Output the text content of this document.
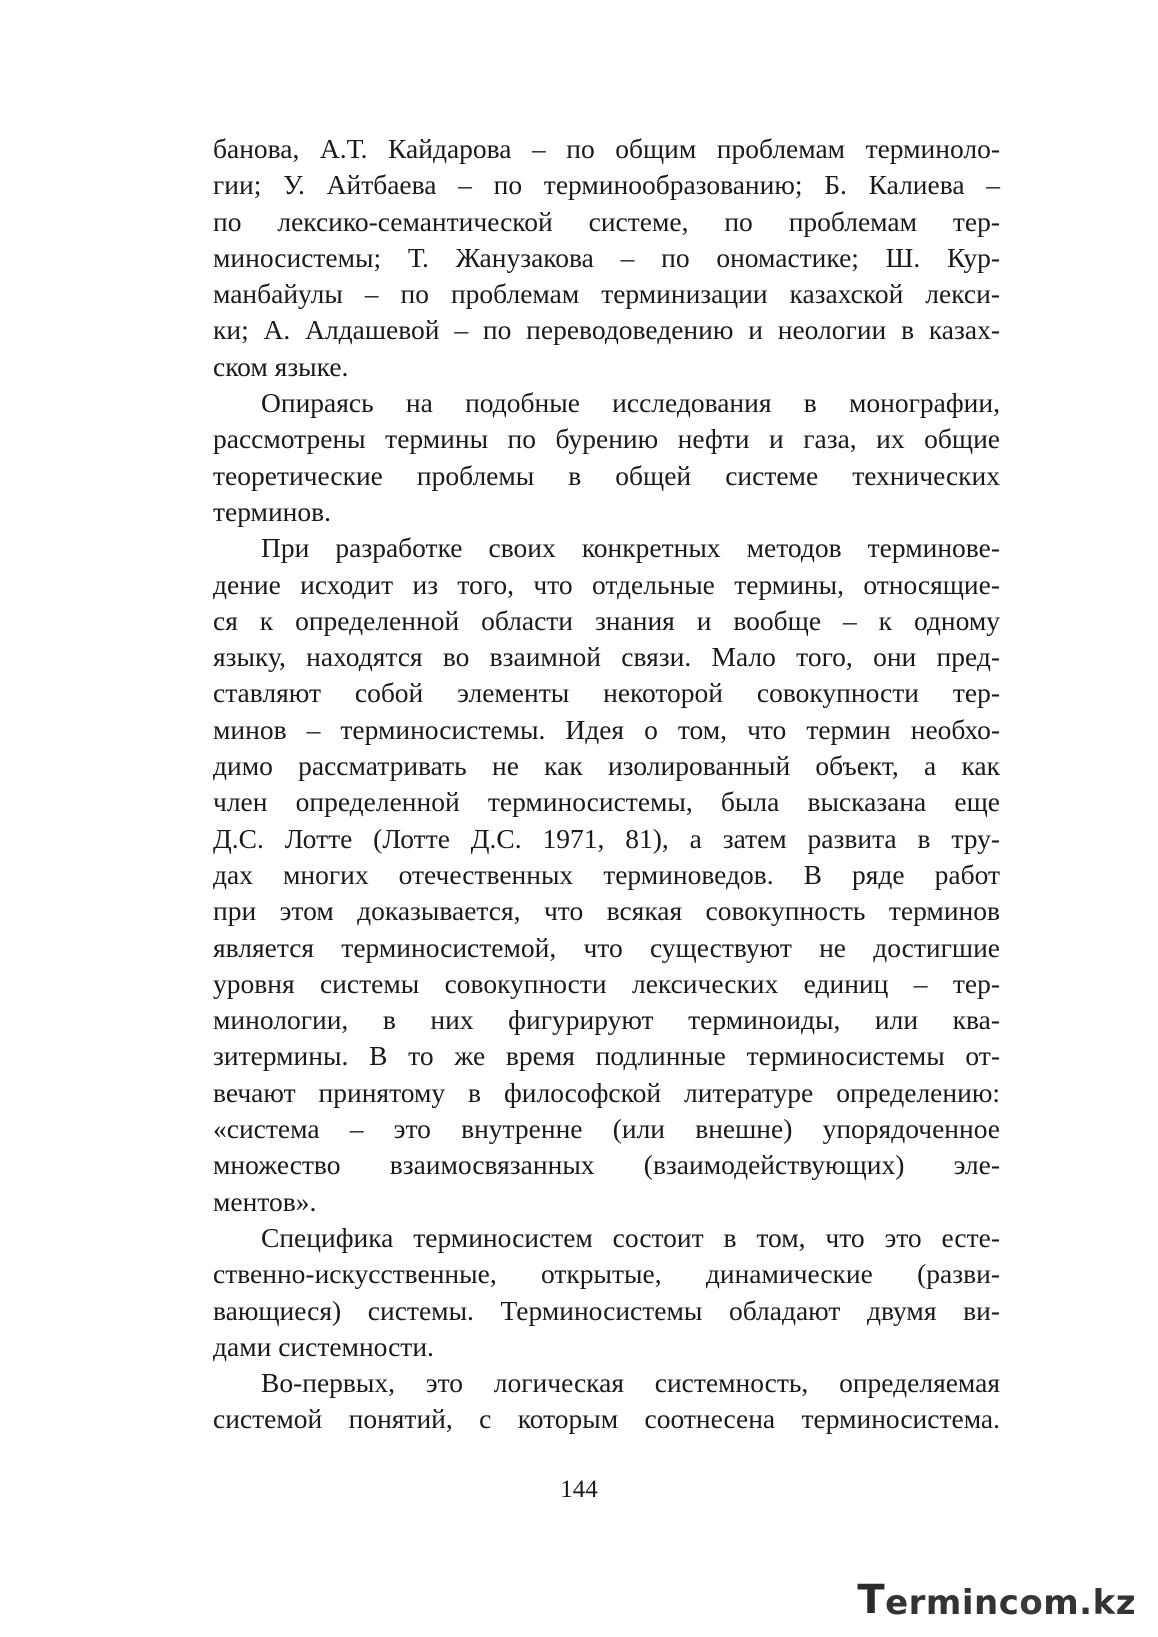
банова, А.Т. Кайдарова – по общим проблемам терминоло-
гии; У. Айтбаева – по терминообразованию; Б. Калиева –
по лексико-семантической системе, по проблемам тер-
миносистемы; Т. Жанузакова – по ономастике; Ш. Кур-
манбайулы – по проблемам терминизации казахской лекси-
ки; А. Алдашевой – по переводоведению и неологии в казах-
ском языке.

Опираясь на подобные исследования в монографии,
рассмотрены термины по бурению нефти и газа, их общие
теоретические проблемы в общей системе технических
терминов.

При разработке своих конкретных методов терминове-
дение исходит из того, что отдельные термины, относящие-
ся к определенной области знания и вообще – к одному
языку, находятся во взаимной связи. Мало того, они пред-
ставляют собой элементы некоторой совокупности тер-
минов – терминосистемы. Идея о том, что термин необхо-
димо рассматривать не как изолированный объект, а как
член определенной терминосистемы, была высказана еще
Д.С. Лотте (Лотте Д.С. 1971, 81), а затем развита в тру-
дах многих отечественных терминоведов. В ряде работ
при этом доказывается, что всякая совокупность терминов
является терминосистемой, что существуют не достигшие
уровня системы совокупности лексических единиц – тер-
минологии, в них фигурируют терминоиды, или ква-
зитермины. В то же время подлинные терминосистемы от-
вечают принятому в философской литературе определению:
«система – это внутренне (или внешне) упорядоченное
множество взаимосвязанных (взаимодействующих) эле-
ментов».

Специфика терминосистем состоит в том, что это есте-
ственно-искусственные, открытые, динамические (разви-
вающиеся) системы. Терминосистемы обладают двумя ви-
дами системности.

Во-первых, это логическая системность, определяемая
системой понятий, с которым соотнесена терминосистема.

144
T erminc o m.kz
